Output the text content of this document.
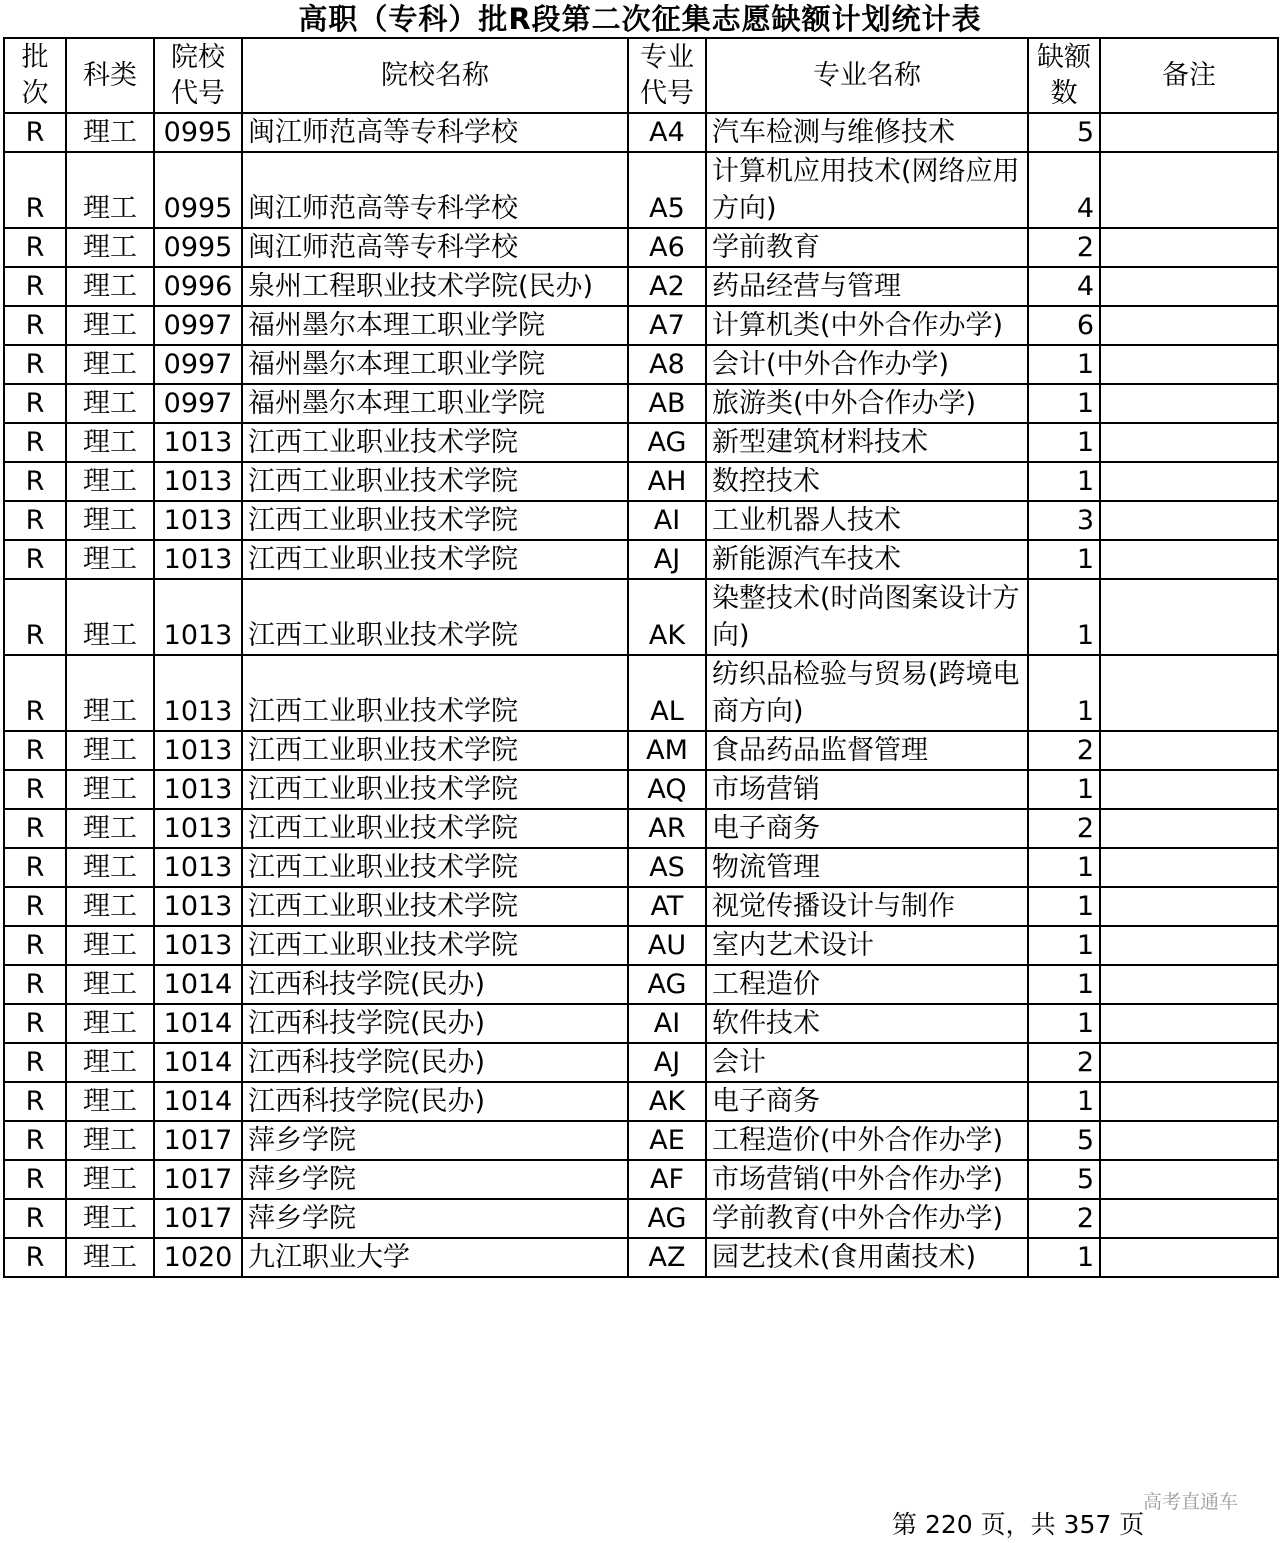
高职（专科）批R段第二次征集志愿缺额计划统计表
批次	科类	院校代号	院校名称	专业代号	专业名称	缺额数	备注
R	理工	0995	闽江师范高等专科学校	A4	汽车检测与维修技术	5	
R	理工	0995	闽江师范高等专科学校	A5	计算机应用技术(网络应用方向)	4	
R	理工	0995	闽江师范高等专科学校	A6	学前教育	2	
R	理工	0996	泉州工程职业技术学院(民办)	A2	药品经营与管理	4	
R	理工	0997	福州墨尔本理工职业学院	A7	计算机类(中外合作办学)	6	
R	理工	0997	福州墨尔本理工职业学院	A8	会计(中外合作办学)	1	
R	理工	0997	福州墨尔本理工职业学院	AB	旅游类(中外合作办学)	1	
R	理工	1013	江西工业职业技术学院	AG	新型建筑材料技术	1	
R	理工	1013	江西工业职业技术学院	AH	数控技术	1	
R	理工	1013	江西工业职业技术学院	AI	工业机器人技术	3	
R	理工	1013	江西工业职业技术学院	AJ	新能源汽车技术	1	
R	理工	1013	江西工业职业技术学院	AK	染整技术(时尚图案设计方向)	1	
R	理工	1013	江西工业职业技术学院	AL	纺织品检验与贸易(跨境电商方向)	1	
R	理工	1013	江西工业职业技术学院	AM	食品药品监督管理	2	
R	理工	1013	江西工业职业技术学院	AQ	市场营销	1	
R	理工	1013	江西工业职业技术学院	AR	电子商务	2	
R	理工	1013	江西工业职业技术学院	AS	物流管理	1	
R	理工	1013	江西工业职业技术学院	AT	视觉传播设计与制作	1	
R	理工	1013	江西工业职业技术学院	AU	室内艺术设计	1	
R	理工	1014	江西科技学院(民办)	AG	工程造价	1	
R	理工	1014	江西科技学院(民办)	AI	软件技术	1	
R	理工	1014	江西科技学院(民办)	AJ	会计	2	
R	理工	1014	江西科技学院(民办)	AK	电子商务	1	
R	理工	1017	萍乡学院	AE	工程造价(中外合作办学)	5	
R	理工	1017	萍乡学院	AF	市场营销(中外合作办学)	5	
R	理工	1017	萍乡学院	AG	学前教育(中外合作办学)	2	
R	理工	1020	九江职业大学	AZ	园艺技术(食用菌技术)	1	
第 220 页，共 357 页
高考直通车
